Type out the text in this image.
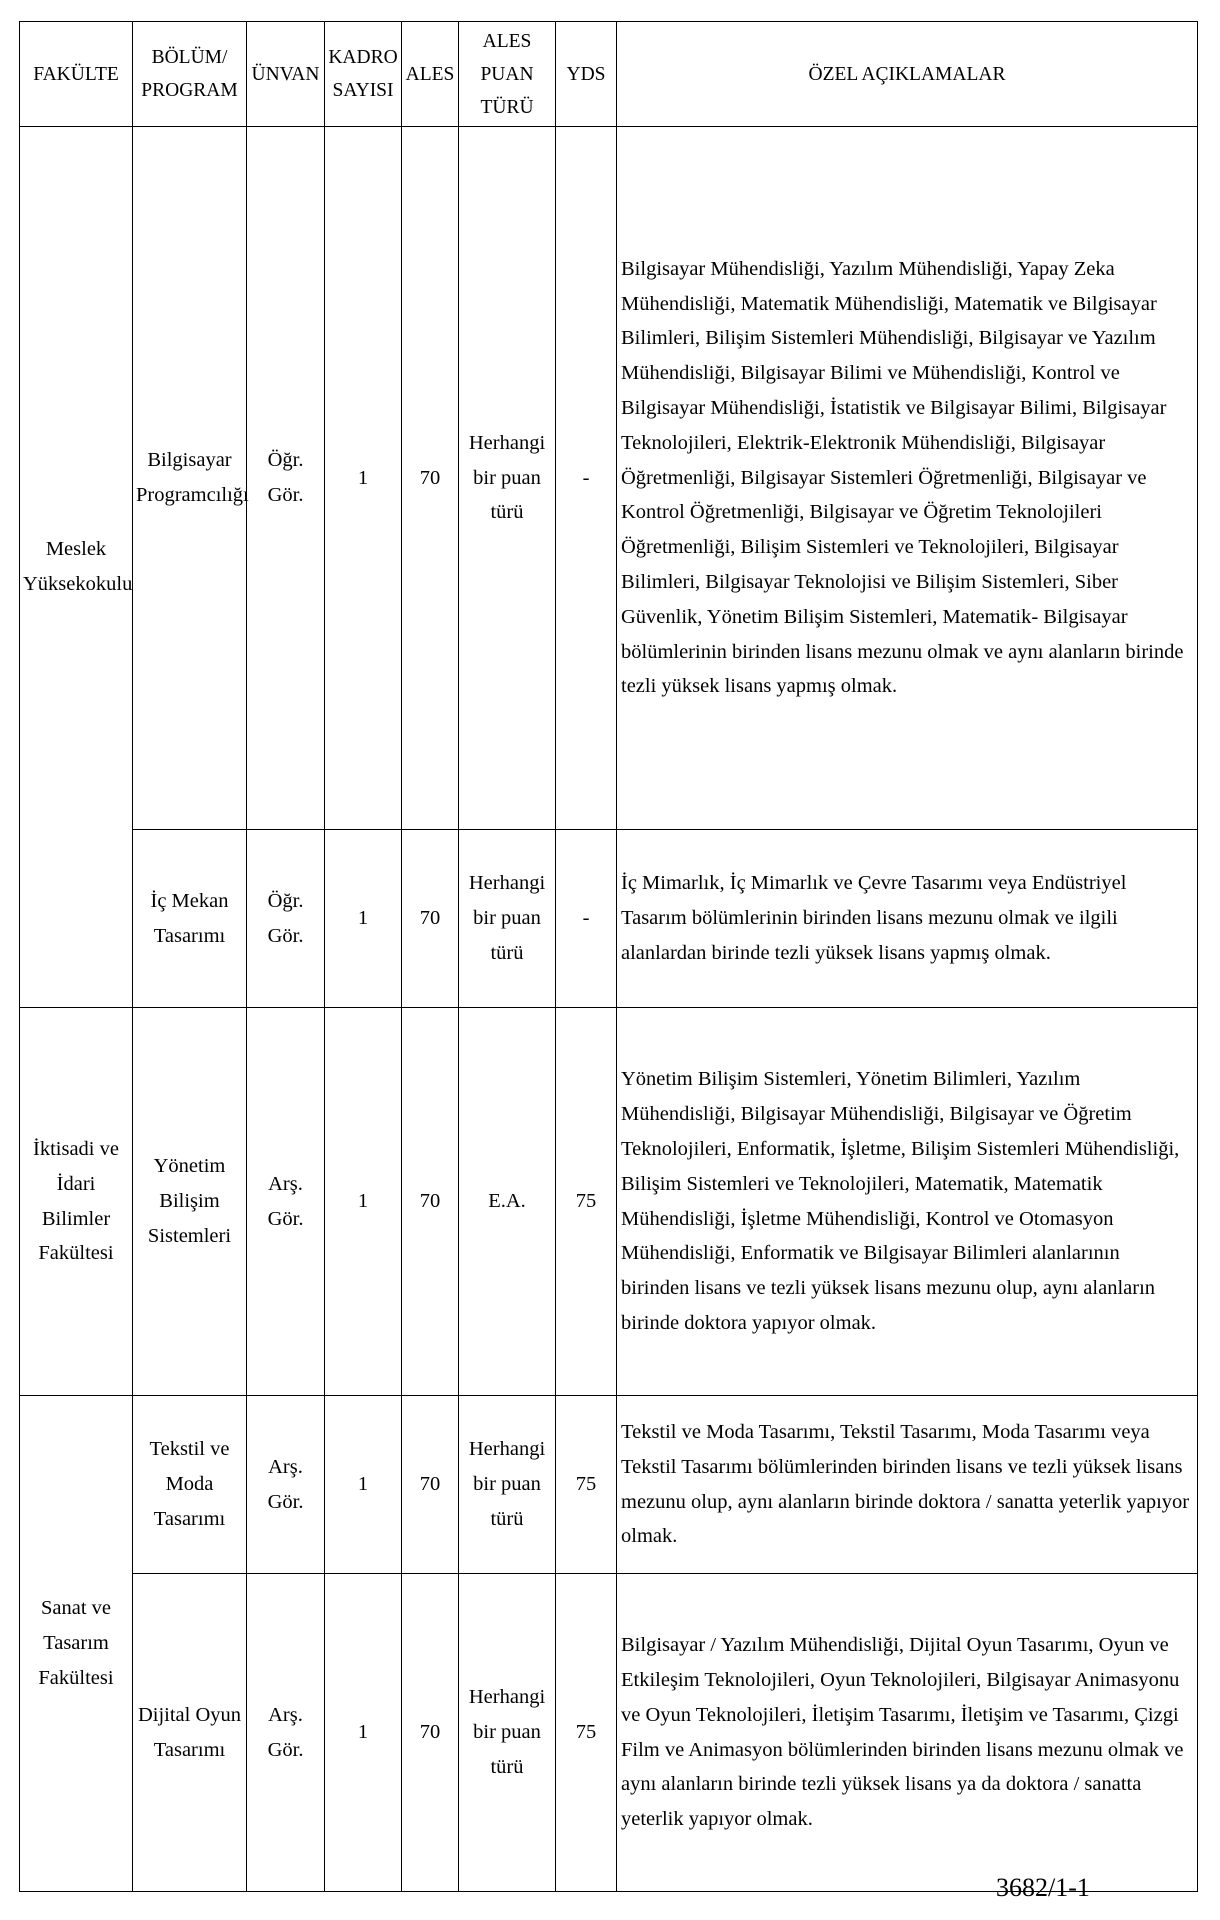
FAKÜLTE	BÖLÜM/ PROGRAM	ÜNVAN	KADRO SAYISI	ALES	ALES PUAN TÜRÜ	YDS	ÖZEL AÇIKLAMALAR
Meslek Yüksekokulu	Bilgisayar Programcılığı	Öğr. Gör.	1	70	Herhangi bir puan türü	-	Bilgisayar Mühendisliği, Yazılım Mühendisliği, Yapay Zeka Mühendisliği, Matematik Mühendisliği, Matematik ve Bilgisayar Bilimleri, Bilişim Sistemleri Mühendisliği, Bilgisayar ve Yazılım Mühendisliği, Bilgisayar Bilimi ve Mühendisliği, Kontrol ve Bilgisayar Mühendisliği, İstatistik ve Bilgisayar Bilimi, Bilgisayar Teknolojileri, Elektrik-Elektronik Mühendisliği, Bilgisayar Öğretmenliği, Bilgisayar Sistemleri Öğretmenliği, Bilgisayar ve Kontrol Öğretmenliği, Bilgisayar ve Öğretim Teknolojileri Öğretmenliği, Bilişim Sistemleri ve Teknolojileri, Bilgisayar Bilimleri, Bilgisayar Teknolojisi ve Bilişim Sistemleri, Siber Güvenlik, Yönetim Bilişim Sistemleri, Matematik- Bilgisayar bölümlerinin birinden lisans mezunu olmak ve aynı alanların birinde tezli yüksek lisans yapmış olmak.
	İç Mekan Tasarımı	Öğr. Gör.	1	70	Herhangi bir puan türü	-	İç Mimarlık, İç Mimarlık ve Çevre Tasarımı veya Endüstriyel Tasarım bölümlerinin birinden lisans mezunu olmak ve ilgili alanlardan birinde tezli yüksek lisans yapmış olmak.
İktisadi ve İdari Bilimler Fakültesi	Yönetim Bilişim Sistemleri	Arş. Gör.	1	70	E.A.	75	Yönetim Bilişim Sistemleri, Yönetim Bilimleri, Yazılım Mühendisliği, Bilgisayar Mühendisliği, Bilgisayar ve Öğretim Teknolojileri, Enformatik, İşletme, Bilişim Sistemleri Mühendisliği, Bilişim Sistemleri ve Teknolojileri, Matematik, Matematik Mühendisliği, İşletme Mühendisliği, Kontrol ve Otomasyon Mühendisliği, Enformatik ve Bilgisayar Bilimleri alanlarının birinden lisans ve tezli yüksek lisans mezunu olup, aynı alanların birinde doktora yapıyor olmak.
Sanat ve Tasarım Fakültesi	Tekstil ve Moda Tasarımı	Arş. Gör.	1	70	Herhangi bir puan türü	75	Tekstil ve Moda Tasarımı, Tekstil Tasarımı, Moda Tasarımı veya Tekstil Tasarımı bölümlerinden birinden lisans ve tezli yüksek lisans mezunu olup, aynı alanların birinde doktora / sanatta yeterlik yapıyor olmak.
	Dijital Oyun Tasarımı	Arş. Gör.	1	70	Herhangi bir puan türü	75	Bilgisayar / Yazılım Mühendisliği, Dijital Oyun Tasarımı, Oyun ve Etkileşim Teknolojileri, Oyun Teknolojileri, Bilgisayar Animasyonu ve Oyun Teknolojileri, İletişim Tasarımı, İletişim ve Tasarımı, Çizgi Film ve Animasyon bölümlerinden birinden lisans mezunu olmak ve aynı alanların birinde tezli yüksek lisans ya da doktora / sanatta yeterlik yapıyor olmak.
3682/1-1
